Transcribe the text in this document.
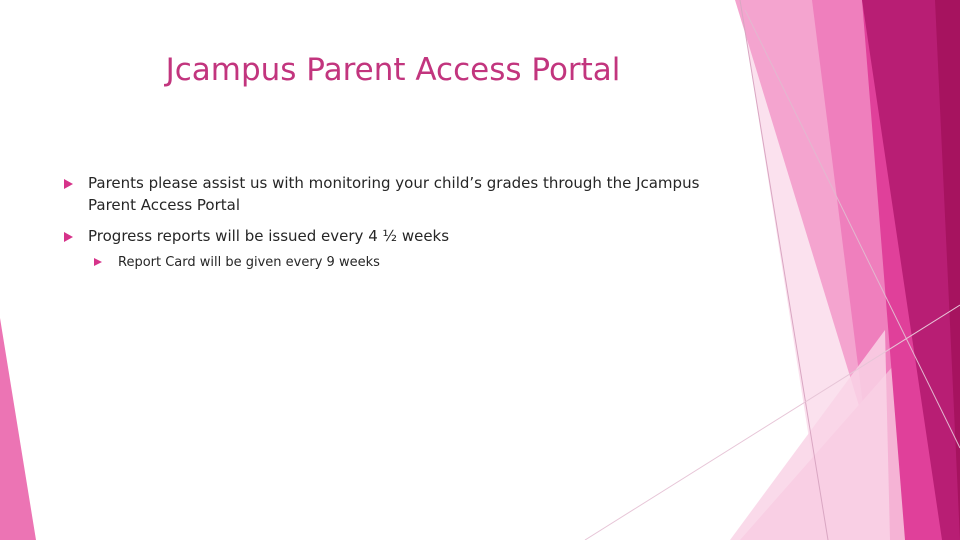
Jcampus Parent Access Portal
Parents please assist us with monitoring your child’s grades through the Jcampus Parent Access Portal
Progress reports will be issued every 4 ½ weeks
Report Card will be given every 9 weeks
